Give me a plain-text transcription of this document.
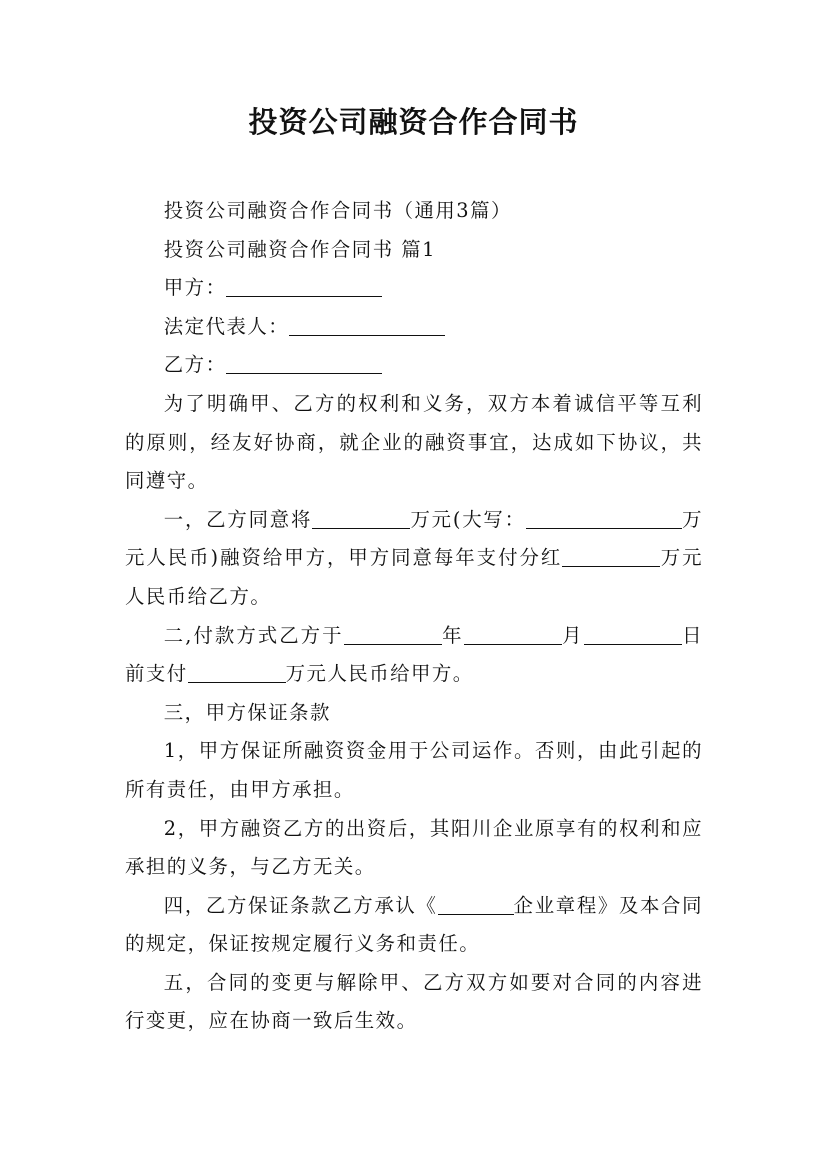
投资公司融资合作合同书

投资公司融资合作合同书（通用3篇）

投资公司融资合作合同书 篇1

甲方：

法定代表人：

乙方：

为了明确甲、乙方的权利和义务，双方本着诚信平等互利的原则，经友好协商，就企业的融资事宜，达成如下协议，共同遵守。

一，乙方同意将	万元(大写：	万元人民币)融资给甲方，甲方同意每年支付分红	万元人民币给乙方。

二,付款方式乙方于	年	月	日前支付	万元人民币给甲方。

三，甲方保证条款

1，甲方保证所融资资金用于公司运作。否则，由此引起的所有责任，由甲方承担。

2，甲方融资乙方的出资后，其阳川企业原享有的权利和应承担的义务，与乙方无关。

四，乙方保证条款乙方承认《	企业章程》及本合同的规定，保证按规定履行义务和责任。

五，合同的变更与解除甲、乙方双方如要对合同的内容进行变更，应在协商一致后生效。
